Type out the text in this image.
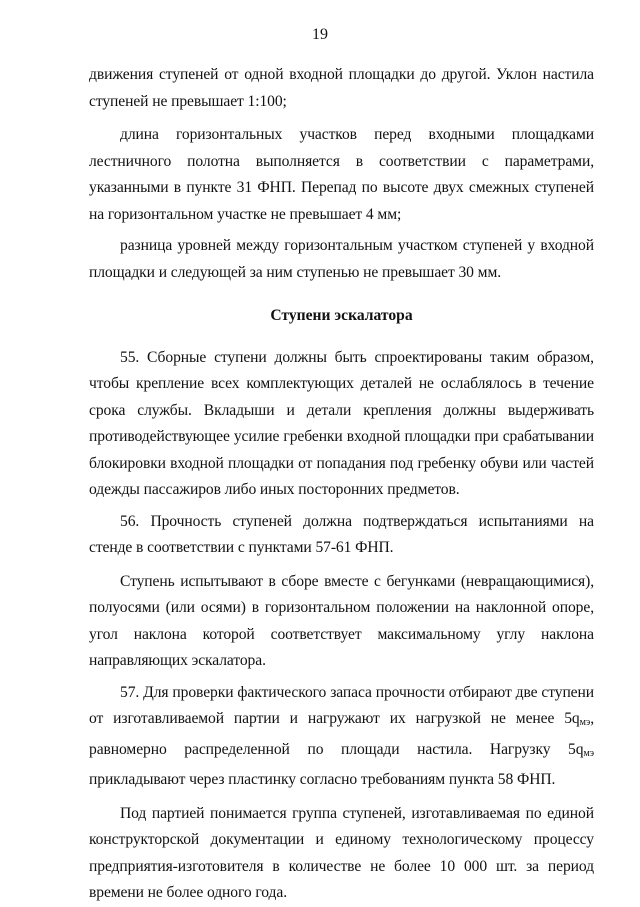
19

движения ступеней от одной входной площадки до другой. Уклон настила ступеней не превышает 1:100;

длина горизонтальных участков перед входными площадками лестничного полотна выполняется в соответствии с параметрами, указанными в пункте 31 ФНП. Перепад по высоте двух смежных ступеней на горизонтальном участке не превышает 4 мм;

разница уровней между горизонтальным участком ступеней у входной площадки и следующей за ним ступенью не превышает 30 мм.

Ступени эскалатора

55. Сборные ступени должны быть спроектированы таким образом, чтобы крепление всех комплектующих деталей не ослаблялось в течение срока службы. Вкладыши и детали крепления должны выдерживать противодействующее усилие гребенки входной площадки при срабатывании блокировки входной площадки от попадания под гребенку обуви или частей одежды пассажиров либо иных посторонних предметов.

56. Прочность ступеней должна подтверждаться испытаниями на стенде в соответствии с пунктами 57-61 ФНП.

Ступень испытывают в сборе вместе с бегунками (невращающимися), полуосями (или осями) в горизонтальном положении на наклонной опоре, угол наклона которой соответствует максимальному углу наклона направляющих эскалатора.

57. Для проверки фактического запаса прочности отбирают две ступени от изготавливаемой партии и нагружают их нагрузкой не менее $5q_{мэ}$, равномерно распределенной по площади настила. Нагрузку $5q_{мэ}$ прикладывают через пластинку согласно требованиям пункта 58 ФНП.

Под партией понимается группа ступеней, изготавливаемая по единой конструкторской документации и единому технологическому процессу предприятия-изготовителя в количестве не более 10 000 шт. за период времени не более одного года.
